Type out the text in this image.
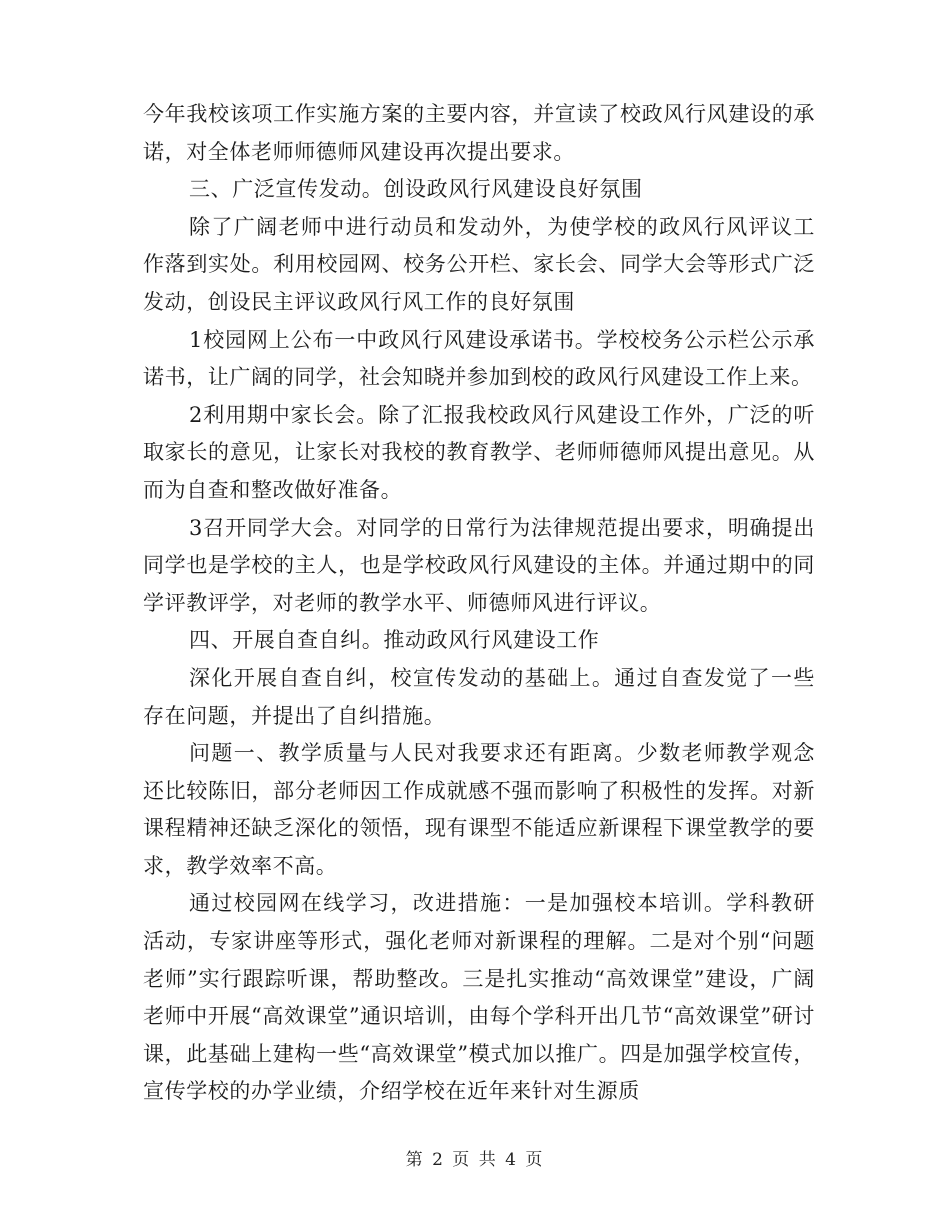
今年我校该项工作实施方案的主要内容，并宣读了校政风行风建设的承诺，对全体老师师德师风建设再次提出要求。

三、广泛宣传发动。创设政风行风建设良好氛围

除了广阔老师中进行动员和发动外，为使学校的政风行风评议工作落到实处。利用校园网、校务公开栏、家长会、同学大会等形式广泛发动，创设民主评议政风行风工作的良好氛围

1校园网上公布一中政风行风建设承诺书。学校校务公示栏公示承诺书，让广阔的同学，社会知晓并参加到校的政风行风建设工作上来。

2利用期中家长会。除了汇报我校政风行风建设工作外，广泛的听取家长的意见，让家长对我校的教育教学、老师师德师风提出意见。从而为自查和整改做好准备。

3召开同学大会。对同学的日常行为法律规范提出要求，明确提出同学也是学校的主人，也是学校政风行风建设的主体。并通过期中的同学评教评学，对老师的教学水平、师德师风进行评议。

四、开展自查自纠。推动政风行风建设工作

深化开展自查自纠，校宣传发动的基础上。通过自查发觉了一些存在问题，并提出了自纠措施。

问题一、教学质量与人民对我要求还有距离。少数老师教学观念还比较陈旧，部分老师因工作成就感不强而影响了积极性的发挥。对新课程精神还缺乏深化的领悟，现有课型不能适应新课程下课堂教学的要求，教学效率不高。

通过校园网在线学习，改进措施：一是加强校本培训。学科教研活动，专家讲座等形式，强化老师对新课程的理解。二是对个别“问题老师”实行跟踪听课，帮助整改。三是扎实推动“高效课堂”建设，广阔老师中开展“高效课堂”通识培训，由每个学科开出几节“高效课堂”研讨课，此基础上建构一些“高效课堂”模式加以推广。四是加强学校宣传，宣传学校的办学业绩，介绍学校在近年来针对生源质

第 2 页 共 4 页
